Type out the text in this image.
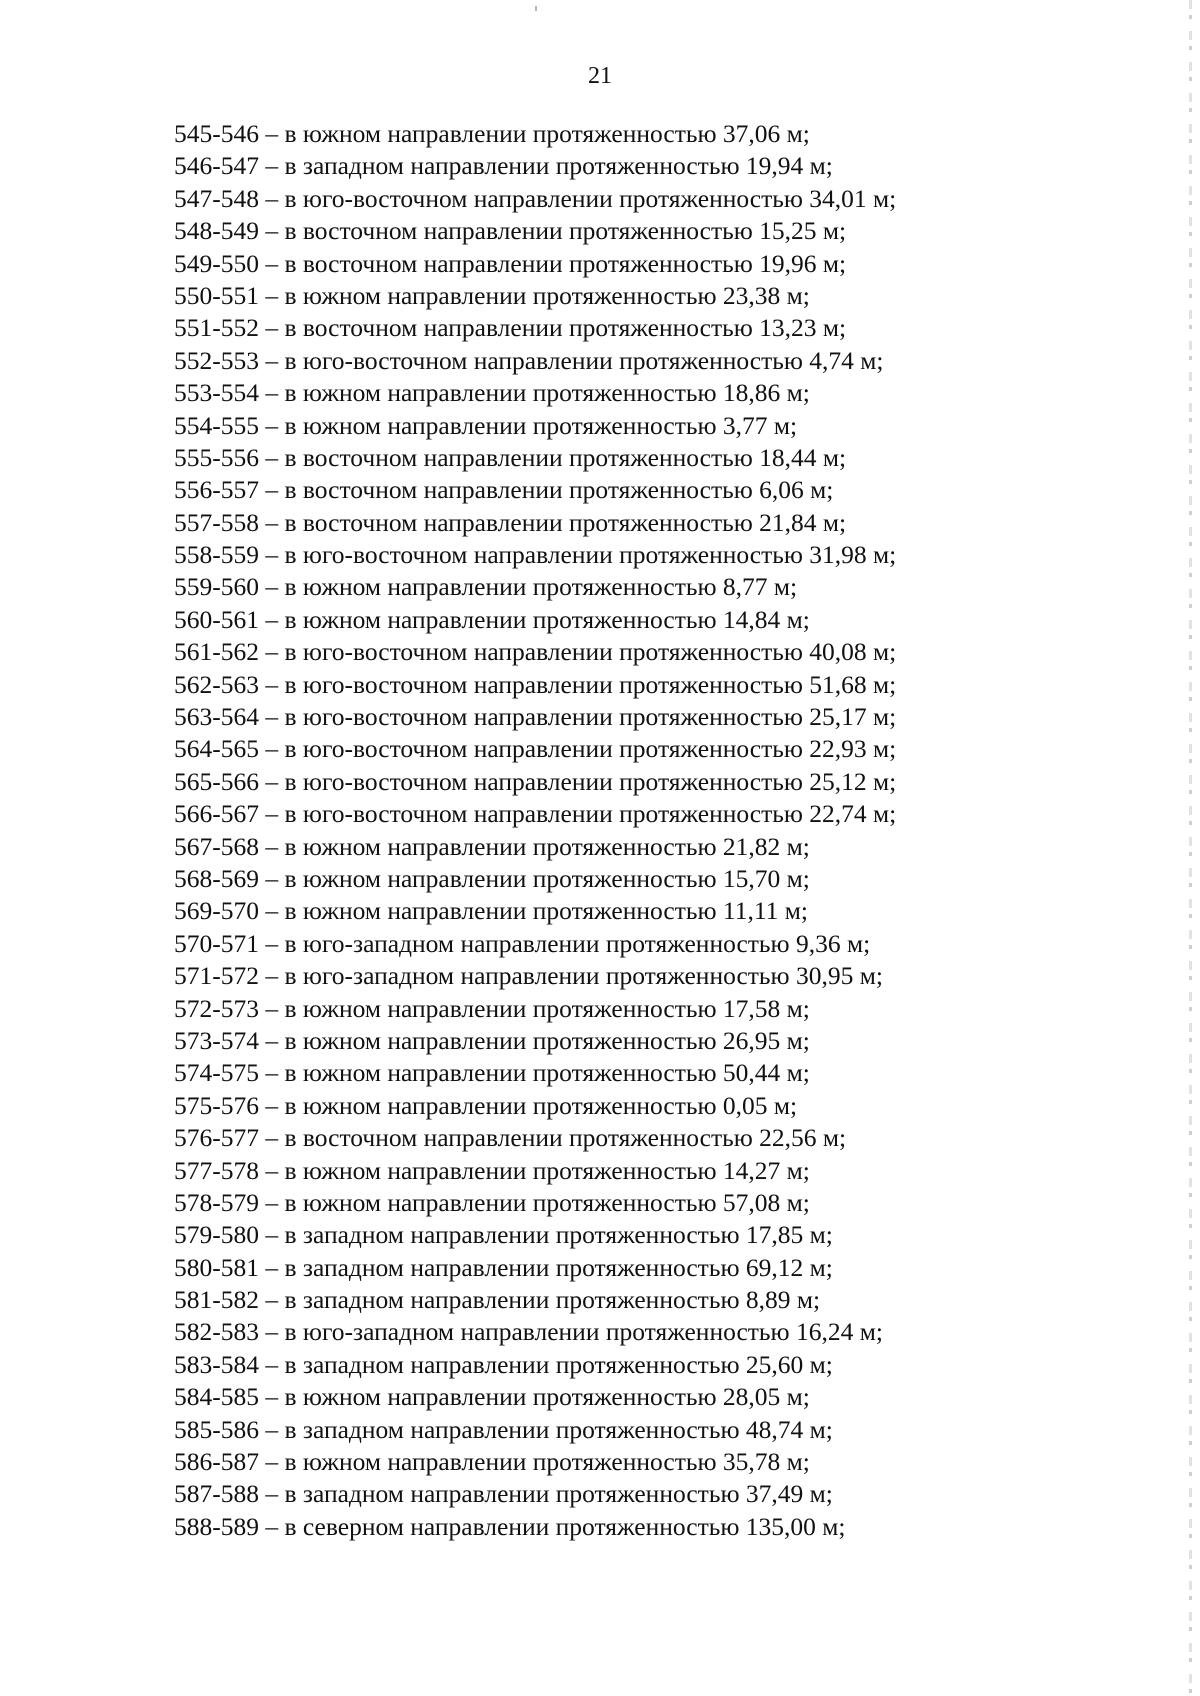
21
545-546 – в южном направлении протяженностью 37,06 м;
546-547 – в западном направлении протяженностью 19,94 м;
547-548 – в юго-восточном направлении протяженностью 34,01 м;
548-549 – в восточном направлении протяженностью 15,25 м;
549-550 – в восточном направлении протяженностью 19,96 м;
550-551 – в южном направлении протяженностью 23,38 м;
551-552 – в восточном направлении протяженностью 13,23 м;
552-553 – в юго-восточном направлении протяженностью 4,74 м;
553-554 – в южном направлении протяженностью 18,86 м;
554-555 – в южном направлении протяженностью 3,77 м;
555-556 – в восточном направлении протяженностью 18,44 м;
556-557 – в восточном направлении протяженностью 6,06 м;
557-558 – в восточном направлении протяженностью 21,84 м;
558-559 – в юго-восточном направлении протяженностью 31,98 м;
559-560 – в южном направлении протяженностью 8,77 м;
560-561 – в южном направлении протяженностью 14,84 м;
561-562 – в юго-восточном направлении протяженностью 40,08 м;
562-563 – в юго-восточном направлении протяженностью 51,68 м;
563-564 – в юго-восточном направлении протяженностью 25,17 м;
564-565 – в юго-восточном направлении протяженностью 22,93 м;
565-566 – в юго-восточном направлении протяженностью 25,12 м;
566-567 – в юго-восточном направлении протяженностью 22,74 м;
567-568 – в южном направлении протяженностью 21,82 м;
568-569 – в южном направлении протяженностью 15,70 м;
569-570 – в южном направлении протяженностью 11,11 м;
570-571 – в юго-западном направлении протяженностью 9,36 м;
571-572 – в юго-западном направлении протяженностью 30,95 м;
572-573 – в южном направлении протяженностью 17,58 м;
573-574 – в южном направлении протяженностью 26,95 м;
574-575 – в южном направлении протяженностью 50,44 м;
575-576 – в южном направлении протяженностью 0,05 м;
576-577 – в восточном направлении протяженностью 22,56 м;
577-578 – в южном направлении протяженностью 14,27 м;
578-579 – в южном направлении протяженностью 57,08 м;
579-580 – в западном направлении протяженностью 17,85 м;
580-581 – в западном направлении протяженностью 69,12 м;
581-582 – в западном направлении протяженностью 8,89 м;
582-583 – в юго-западном направлении протяженностью 16,24 м;
583-584 – в западном направлении протяженностью 25,60 м;
584-585 – в южном направлении протяженностью 28,05 м;
585-586 – в западном направлении протяженностью 48,74 м;
586-587 – в южном направлении протяженностью 35,78 м;
587-588 – в западном направлении протяженностью 37,49 м;
588-589 – в северном направлении протяженностью 135,00 м;
